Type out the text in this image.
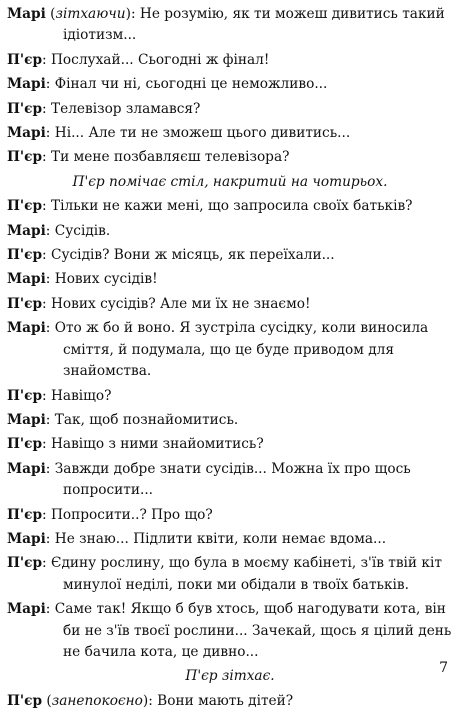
Марі (зітхаючи): Не розумію, як ти можеш дивитись такий ідіотизм...
П'єр: Послухай... Сьогодні ж фінал!
Марі: Фінал чи ні, сьогодні це неможливо...
П'єр: Телевізор зламався?
Марі: Ні... Але ти не зможеш цього дивитись...
П'єр: Ти мене позбавляєш телевізора?
П'єр помічає стіл, накритий на чотирьох.
П'єр: Тільки не кажи мені, що запросила своїх батьків?
Марі: Сусідів.
П'єр: Сусідів? Вони ж місяць, як переїхали...
Марі: Нових сусідів!
П'єр: Нових сусідів? Але ми їх не знаємо!
Марі: Ото ж бо й воно. Я зустріла сусідку, коли виносила сміття, й подумала, що це буде приводом для знайомства.
П'єр: Навіщо?
Марі: Так, щоб познайомитись.
П'єр: Навіщо з ними знайомитись?
Марі: Завжди добре знати сусідів... Можна їх про щось попросити...
П'єр: Попросити..? Про що?
Марі: Не знаю... Підлити квіти, коли немає вдома...
П'єр: Єдину рослину, що була в моєму кабінеті, з'їв твій кіт минулої неділі, поки ми обідали в твоїх батьків.
Марі: Саме так! Якщо б був хтось, щоб нагодувати кота, він би не з'їв твоєї рослини... Зачекай, щось я цілий день не бачила кота, це дивно...
П'єр зітхає.
П'єр (занепокоєно): Вони мають дітей?
7
